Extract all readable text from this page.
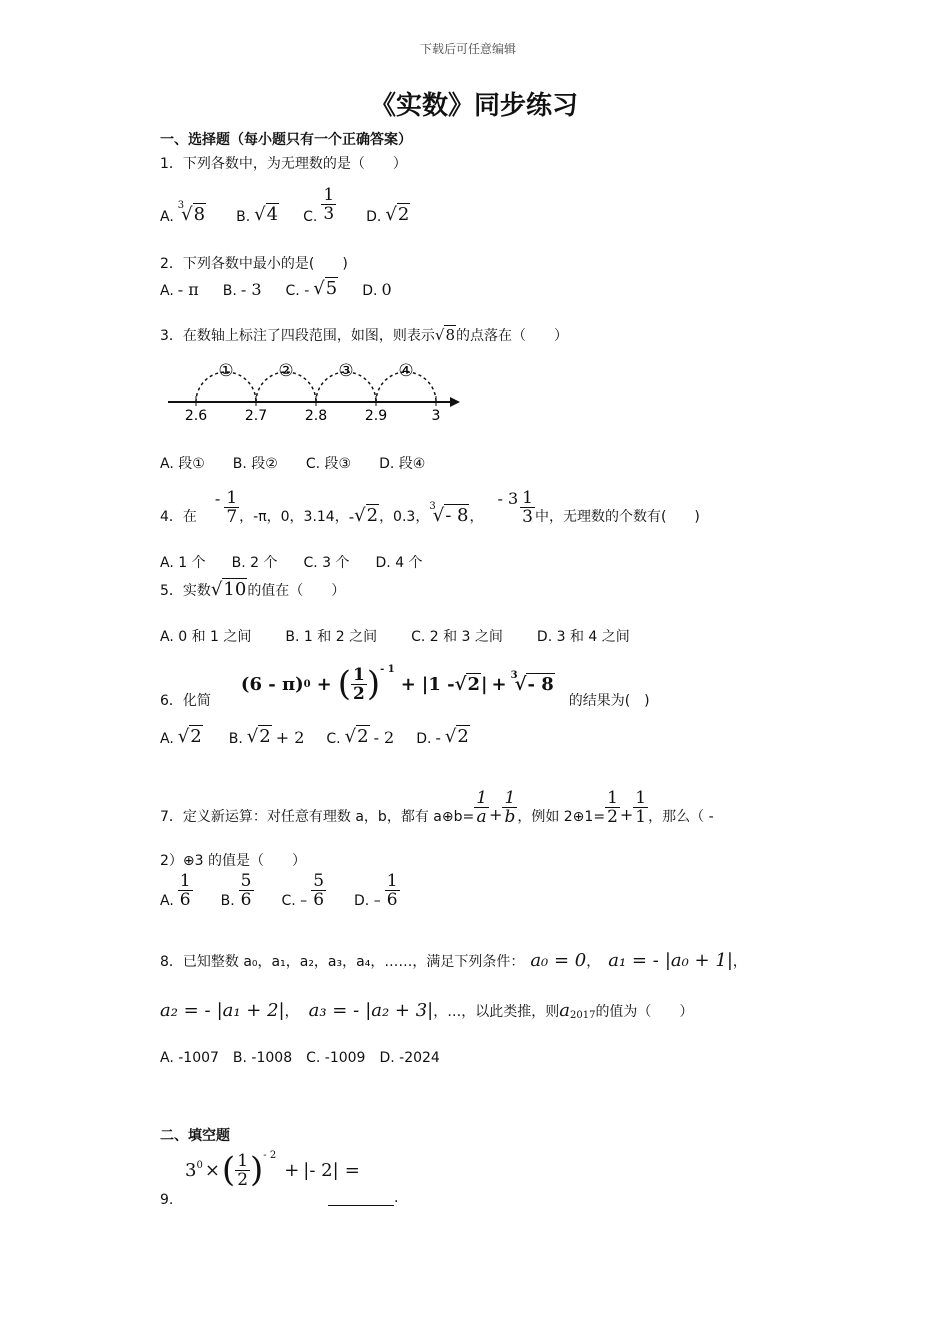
下载后可任意编辑
《实数》同步练习
一、选择题（每小题只有一个正确答案）
1．下列各数中，为无理数的是（　　）
A.
$^3$√8 B. √4 C. $\frac{1}{3} D$. √2
2．下列各数中最小的是(　　)
A. - π B. - 3 C. - √5 D. 0
3．在数轴上标注了四段范围，如图，则表示 √8 的点落在（　　）
2.6	2.7	2.8	2.9	3
①	②	③	④
A. 段① B. 段② C. 段③ D. 段④
4．在
- $\frac{1}{7}$ ，-π，0，3.14， - √2 ，0.3，
$^3$√- 8 ，
- $3 \frac{1}{3}$ 中，无理数的个数有(　　)
A. 1 个 B. 2 个 C. 3 个 D. 4 个
5．实数 √10 的值在（　　）
A. 0 和 1 之间 B. 1 和 2 之间 C. 2 和 3 之间 D. 3 和 4 之间
6．化简
(6 - π) 0 + ( $\frac{1}{2} )^{- 1}$
+ |1 - √2 | + $^3$√- 8
的结果为(　)
A. √2 B. √2 + 2 C. √2 - 2 D. - √2
7．定义新运算：对任意有理数 a，b，都有 a⊕b= $\frac{1}{a} + \frac{1}{b}$ ，例如 2⊕1= $\frac{1}{2} + \frac{1}{1}$ ，那么（ -
2）⊕3 的值是（　　）
A. $\frac{1}{6} B$. $\frac{5}{6} C$. – $\frac{5}{6} D$. – $\frac{1}{6}$
8．已知整数 a₀，a₁，a₂，a₃，a₄，……，满足下列条件： a₀ = 0 ， a₁ = - |a₀ + 1| ，
a₂ = - |a₁ + 2| ， a₃ = - |a₂ + 3| ，…，以此类推，则 $a_{2017}$ 的值为（　　）
A. -1007 B. -1008 C. -1009 D. -2024
二、填空题
9.
$3^0$ × ( $\frac{1}{2} )^{- 2}$
+ |- 2| =
.
